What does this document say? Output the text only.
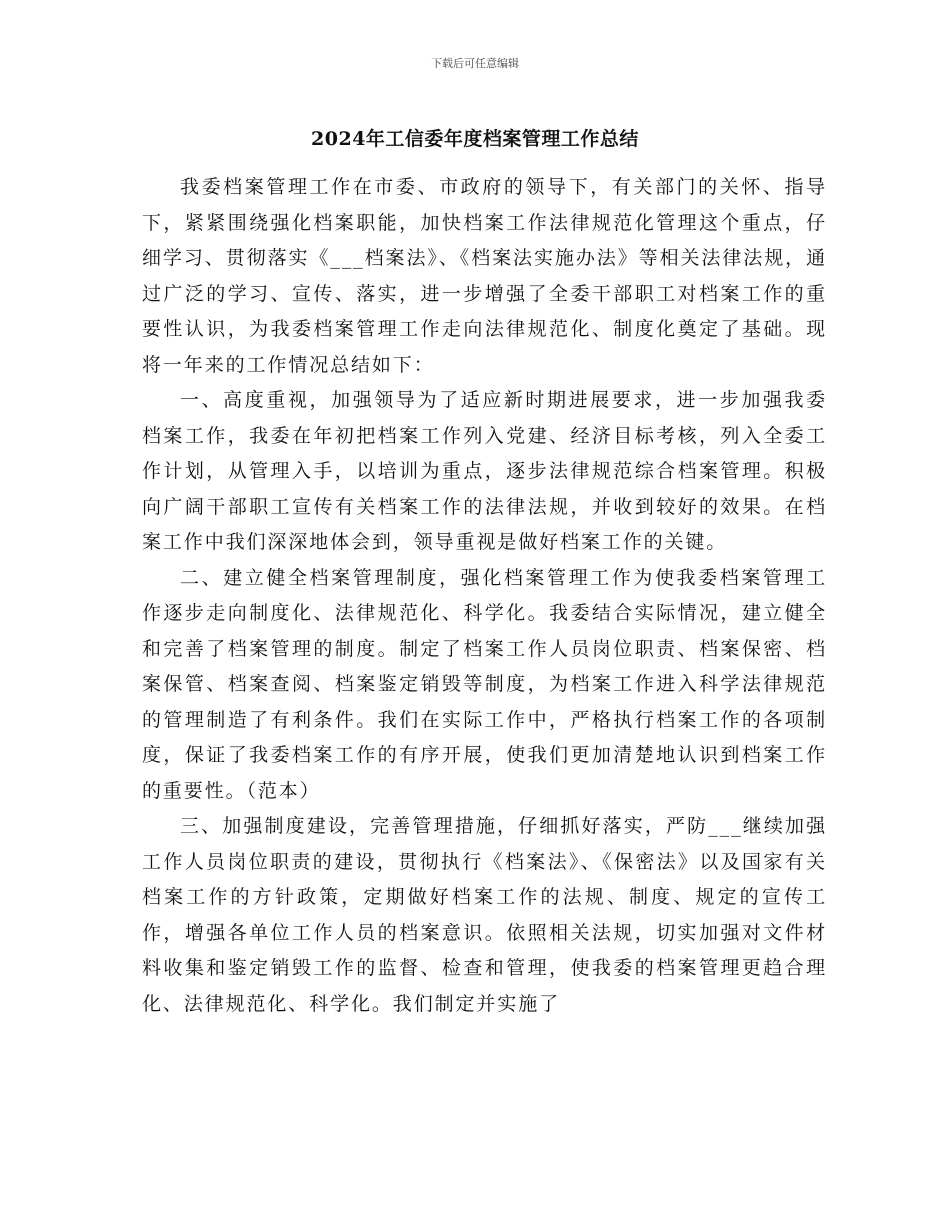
下载后可任意编辑
2024年工信委年度档案管理工作总结

我委档案管理工作在市委、市政府的领导下，有关部门的关怀、指导下，紧紧围绕强化档案职能，加快档案工作法律规范化管理这个重点，仔细学习、贯彻落实《___档案法》、《档案法实施办法》等相关法律法规，通过广泛的学习、宣传、落实，进一步增强了全委干部职工对档案工作的重要性认识，为我委档案管理工作走向法律规范化、制度化奠定了基础。现将一年来的工作情况总结如下：

一、高度重视，加强领导为了适应新时期进展要求，进一步加强我委档案工作，我委在年初把档案工作列入党建、经济目标考核，列入全委工作计划，从管理入手，以培训为重点，逐步法律规范综合档案管理。积极向广阔干部职工宣传有关档案工作的法律法规，并收到较好的效果。在档案工作中我们深深地体会到，领导重视是做好档案工作的关键。

二、建立健全档案管理制度，强化档案管理工作为使我委档案管理工作逐步走向制度化、法律规范化、科学化。我委结合实际情况，建立健全和完善了档案管理的制度。制定了档案工作人员岗位职责、档案保密、档案保管、档案查阅、档案鉴定销毁等制度，为档案工作进入科学法律规范的管理制造了有利条件。我们在实际工作中，严格执行档案工作的各项制度，保证了我委档案工作的有序开展，使我们更加清楚地认识到档案工作的重要性。（范本）

三、加强制度建设，完善管理措施，仔细抓好落实，严防___继续加强工作人员岗位职责的建设，贯彻执行《档案法》、《保密法》以及国家有关档案工作的方针政策，定期做好档案工作的法规、制度、规定的宣传工作，增强各单位工作人员的档案意识。依照相关法规，切实加强对文件材料收集和鉴定销毁工作的监督、检查和管理，使我委的档案管理更趋合理化、法律规范化、科学化。我们制定并实施了
